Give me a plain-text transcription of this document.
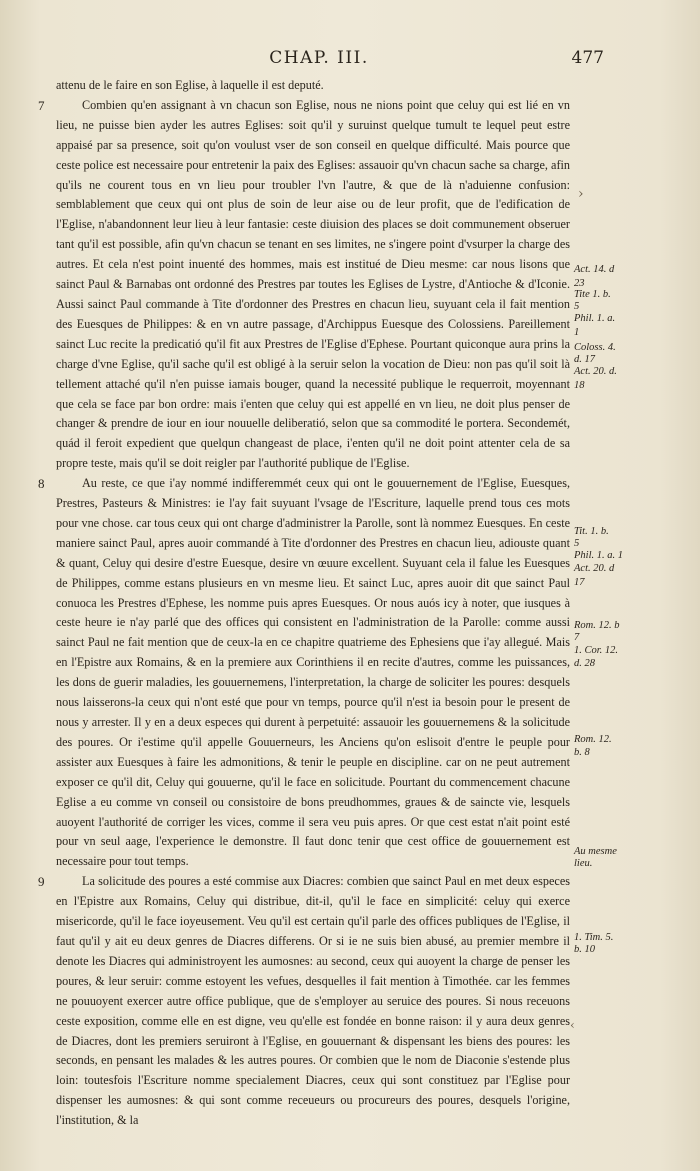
CHAP. III.	477

attenu de le faire en son Eglise, à laquelle il est deputé.

7	Combien qu'en assignant à vn chacun son Eglise, nous ne nions point que celuy qui est lié en vn lieu, ne puisse bien ayder les autres Eglises: soit qu'il y suruinst quelque tumult te lequel peut estre appaisé par sa presence, soit qu'on voulust vser de son conseil en quelque difficulté. Mais pource que ceste police est necessaire pour entretenir la paix des Eglises: assauoir qu'vn chacun sache sa charge, afin qu'ils ne courent tous en vn lieu pour troubler l'vn l'autre, & que de là n'aduienne confusion: semblablement que ceux qui ont plus de soin de leur aise ou de leur profit, que de l'edification de l'Eglise, n'abandonnent leur lieu à leur fantasie: ceste diuision des places se doit communement obseruer tant qu'il est possible, afin qu'vn chacun se tenant en ses limites, ne s'ingere point d'vsurper la charge des autres. Et cela n'est point inuenté des hommes, mais est institué de Dieu mesme: car nous lisons que sainct Paul & Barnabas ont ordonné des Prestres par toutes les Eglises de Lystre, d'Antioche & d'Iconie. Aussi sainct Paul commande à Tite d'ordonner des Prestres en chacun lieu, suyuant cela il fait mention des Euesques de Philippes: & en vn autre passage, d'Archippus Euesque des Colossiens. Pareillement sainct Luc recite la predicatió qu'il fit aux Prestres de l'Eglise d'Ephese. Pourtant quiconque aura prins la charge d'vne Eglise, qu'il sache qu'il est obligé à la seruir selon la vocation de Dieu: non pas qu'il soit là tellement attaché qu'il n'en puisse iamais bouger, quand la necessité publique le requerroit, moyennant que cela se face par bon ordre: mais i'enten que celuy qui est appellé en vn lieu, ne doit plus penser de changer & prendre de iour en iour nouuelle deliberatió, selon que sa commodité le portera. Secondemét, quád il feroit expedient que quelqun changeast de place, i'enten qu'il ne doit point attenter cela de sa propre teste, mais qu'il se doit reigler par l'authorité publique de l'Eglise.

8	Au reste, ce que i'ay nommé indifferemmét ceux qui ont le gouuernement de l'Eglise, Euesques, Prestres, Pasteurs & Ministres: ie l'ay fait suyuant l'vsage de l'Escriture, laquelle prend tous ces mots pour vne chose. car tous ceux qui ont charge d'administrer la Parolle, sont là nommez Euesques. En ceste maniere sainct Paul, apres auoir commandé à Tite d'ordonner des Prestres en chacun lieu, adiouste quant & quant, Celuy qui desire d'estre Euesque, desire vn œuure excellent. Suyuant cela il falue les Euesques de Philippes, comme estans plusieurs en vn mesme lieu. Et sainct Luc, apres auoir dit que sainct Paul conuoca les Prestres d'Ephese, les nomme puis apres Euesques. Or nous auós icy à noter, que iusques à ceste heure ie n'ay parlé que des offices qui consistent en l'administration de la Parolle: comme aussi sainct Paul ne fait mention que de ceux-la en ce chapitre quatrieme des Ephesiens que i'ay allegué. Mais en l'Epistre aux Romains, & en la premiere aux Corinthiens il en recite d'autres, comme les puissances, les dons de guerir maladies, les gouuernemens, l'interpretation, la charge de soliciter les poures: desquels nous laisserons-la ceux qui n'ont esté que pour vn temps, pource qu'il n'est ia besoin pour le present de nous y arrester. Il y en a deux especes qui durent à perpetuité: assauoir les gouuernemens & la solicitude des poures. Or i'estime qu'il appelle Gouuerneurs, les Anciens qu'on eslisoit d'entre le peuple pour assister aux Euesques à faire les admonitions, & tenir le peuple en discipline. car on ne peut autrement exposer ce qu'il dit, Celuy qui gouuerne, qu'il le face en solicitude. Pourtant du commencement chacune Eglise a eu comme vn conseil ou consistoire de bons preudhommes, graues & de saincte vie, lesquels auoyent l'authorité de corriger les vices, comme il sera veu puis apres. Or que cest estat n'ait point esté pour vn seul aage, l'experience le demonstre. Il faut donc tenir que cest office de gouuernement est necessaire pour tout temps.

9	La solicitude des poures a esté commise aux Diacres: combien que sainct Paul en met deux especes en l'Epistre aux Romains, Celuy qui distribue, dit-il, qu'il le face en simplicité: celuy qui exerce misericorde, qu'il le face ioyeusement. Veu qu'il est certain qu'il parle des offices publiques de l'Eglise, il faut qu'il y ait eu deux genres de Diacres differens. Or si ie ne suis bien abusé, au premier membre il denote les Diacres qui administroyent les aumosnes: au second, ceux qui auoyent la charge de penser les poures, & leur seruir: comme estoyent les vefues, desquelles il fait mention à Timothée. car les femmes ne pouuoyent exercer autre office publique, que de s'employer au seruice des poures. Si nous receuons ceste exposition, comme elle en est digne, veu qu'elle est fondée en bonne raison: il y aura deux genres de Diacres, dont les premiers seruiront à l'Eglise, en gouuernant & dispensant les biens des poures: les seconds, en pensant les malades & les autres poures. Or combien que le nom de Diaconie s'estende plus loin: toutesfois l'Escriture nomme specialement Diacres, ceux qui sont constituez par l'Eglise pour dispenser les aumosnes: & qui sont comme receueurs ou procureurs des poures, desquels l'origine, l'institution, & la

›
‹
Act. 14. d
23
Tite 1. b.
5
Phil. 1. a.
1
Coloss. 4.
d. 17
Act. 20. d.
18
Tit. 1. b.
5
Phil. 1. a. 1
Act. 20. d
17
Rom. 12. b
7
1. Cor. 12.
d. 28
Rom. 12.
b. 8
Au mesme
lieu.
1. Tim. 5.
b. 10
